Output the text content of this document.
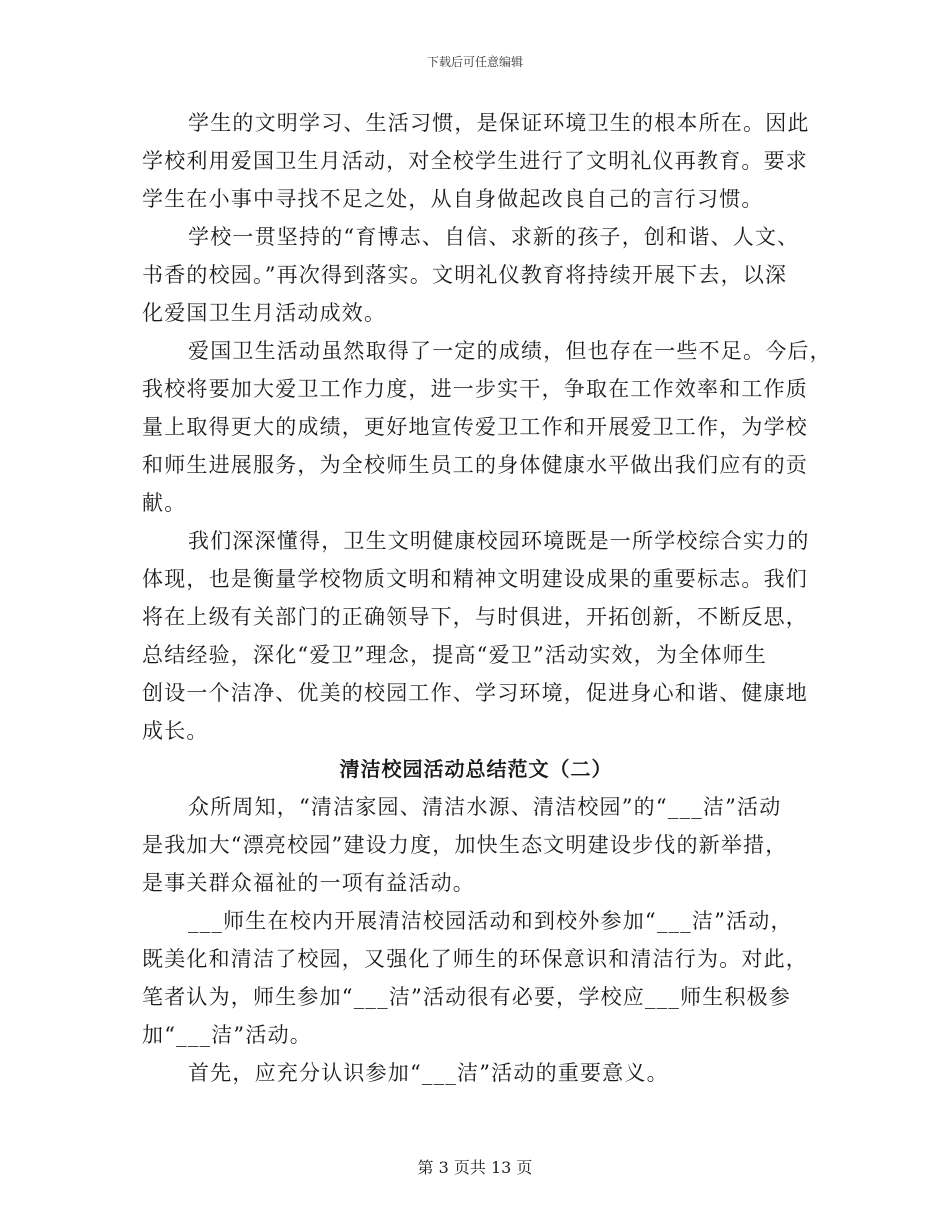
下载后可任意编辑
学生的文明学习、生活习惯，是保证环境卫生的根本所在。因此
学校利用爱国卫生月活动，对全校学生进行了文明礼仪再教育。要求
学生在小事中寻找不足之处，从自身做起改良自己的言行习惯。
学校一贯坚持的“育博志、自信、求新的孩子，创和谐、人文、
书香的校园。”再次得到落实。文明礼仪教育将持续开展下去，以深
化爱国卫生月活动成效。
爱国卫生活动虽然取得了一定的成绩，但也存在一些不足。今后，
我校将要加大爱卫工作力度，进一步实干，争取在工作效率和工作质
量上取得更大的成绩，更好地宣传爱卫工作和开展爱卫工作，为学校
和师生进展服务，为全校师生员工的身体健康水平做出我们应有的贡
献。
我们深深懂得，卫生文明健康校园环境既是一所学校综合实力的
体现，也是衡量学校物质文明和精神文明建设成果的重要标志。我们
将在上级有关部门的正确领导下，与时俱进，开拓创新，不断反思，
总结经验，深化“爱卫”理念，提高“爱卫”活动实效，为全体师生
创设一个洁净、优美的校园工作、学习环境，促进身心和谐、健康地
成长。
清洁校园活动总结范文（二）
众所周知，“清洁家园、清洁水源、清洁校园”的“___洁”活动
是我加大“漂亮校园”建设力度，加快生态文明建设步伐的新举措，
是事关群众福祉的一项有益活动。
___师生在校内开展清洁校园活动和到校外参加“___洁”活动，
既美化和清洁了校园，又强化了师生的环保意识和清洁行为。对此，
笔者认为，师生参加“___洁”活动很有必要，学校应___师生积极参
加“___洁”活动。
首先，应充分认识参加“___洁”活动的重要意义。
第 3 页共 13 页
